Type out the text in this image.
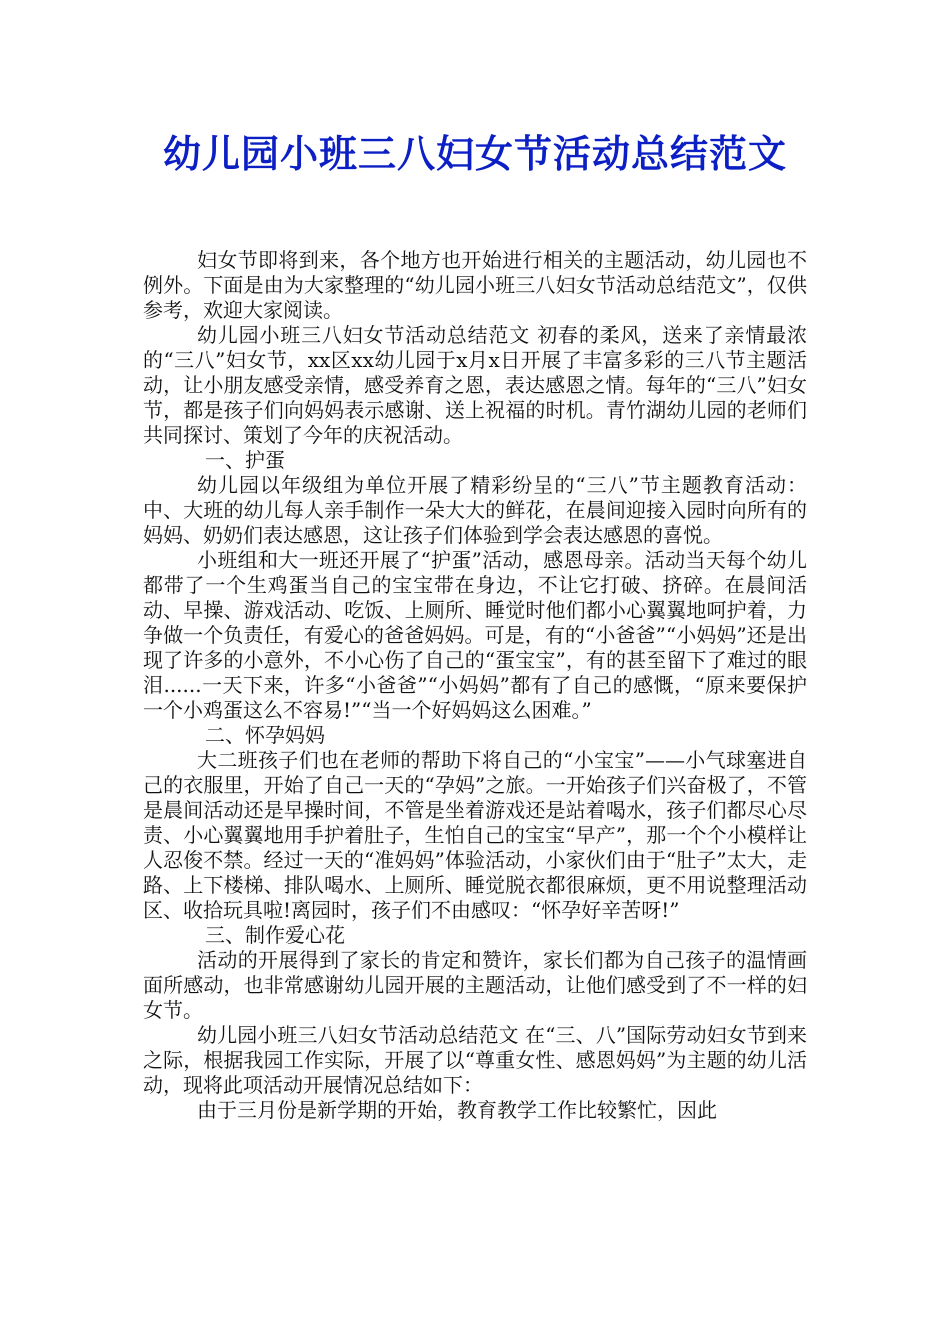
幼儿园小班三八妇女节活动总结范文

妇女节即将到来，各个地方也开始进行相关的主题活动，幼儿园也不例外。下面是由为大家整理的“幼儿园小班三八妇女节活动总结范文”，仅供参考，欢迎大家阅读。

幼儿园小班三八妇女节活动总结范文 初春的柔风，送来了亲情最浓的“三八”妇女节，xx区xx幼儿园于x月x日开展了丰富多彩的三八节主题活动，让小朋友感受亲情，感受养育之恩，表达感恩之情。每年的“三八”妇女节，都是孩子们向妈妈表示感谢、送上祝福的时机。青竹湖幼儿园的老师们共同探讨、策划了今年的庆祝活动。

一、护蛋

幼儿园以年级组为单位开展了精彩纷呈的“三八”节主题教育活动：中、大班的幼儿每人亲手制作一朵大大的鲜花，在晨间迎接入园时向所有的妈妈、奶奶们表达感恩，这让孩子们体验到学会表达感恩的喜悦。

小班组和大一班还开展了“护蛋”活动，感恩母亲。活动当天每个幼儿都带了一个生鸡蛋当自己的宝宝带在身边，不让它打破、挤碎。在晨间活动、早操、游戏活动、吃饭、上厕所、睡觉时他们都小心翼翼地呵护着，力争做一个负责任，有爱心的爸爸妈妈。可是，有的“小爸爸”“小妈妈”还是出现了许多的小意外，不小心伤了自己的“蛋宝宝”，有的甚至留下了难过的眼泪......一天下来，许多“小爸爸”“小妈妈”都有了自己的感慨，“原来要保护一个小鸡蛋这么不容易!”“当一个好妈妈这么困难。”

二、怀孕妈妈

大二班孩子们也在老师的帮助下将自己的“小宝宝”——小气球塞进自己的衣服里，开始了自己一天的“孕妈”之旅。一开始孩子们兴奋极了，不管是晨间活动还是早操时间，不管是坐着游戏还是站着喝水，孩子们都尽心尽责、小心翼翼地用手护着肚子，生怕自己的宝宝“早产”，那一个个小模样让人忍俊不禁。经过一天的“准妈妈”体验活动，小家伙们由于“肚子”太大，走路、上下楼梯、排队喝水、上厕所、睡觉脱衣都很麻烦，更不用说整理活动区、收拾玩具啦!离园时，孩子们不由感叹：“怀孕好辛苦呀!”

三、制作爱心花

活动的开展得到了家长的肯定和赞许，家长们都为自己孩子的温情画面所感动，也非常感谢幼儿园开展的主题活动，让他们感受到了不一样的妇女节。

幼儿园小班三八妇女节活动总结范文 在“三、八”国际劳动妇女节到来之际，根据我园工作实际，开展了以“尊重女性、感恩妈妈”为主题的幼儿活动，现将此项活动开展情况总结如下：

由于三月份是新学期的开始，教育教学工作比较繁忙，因此
